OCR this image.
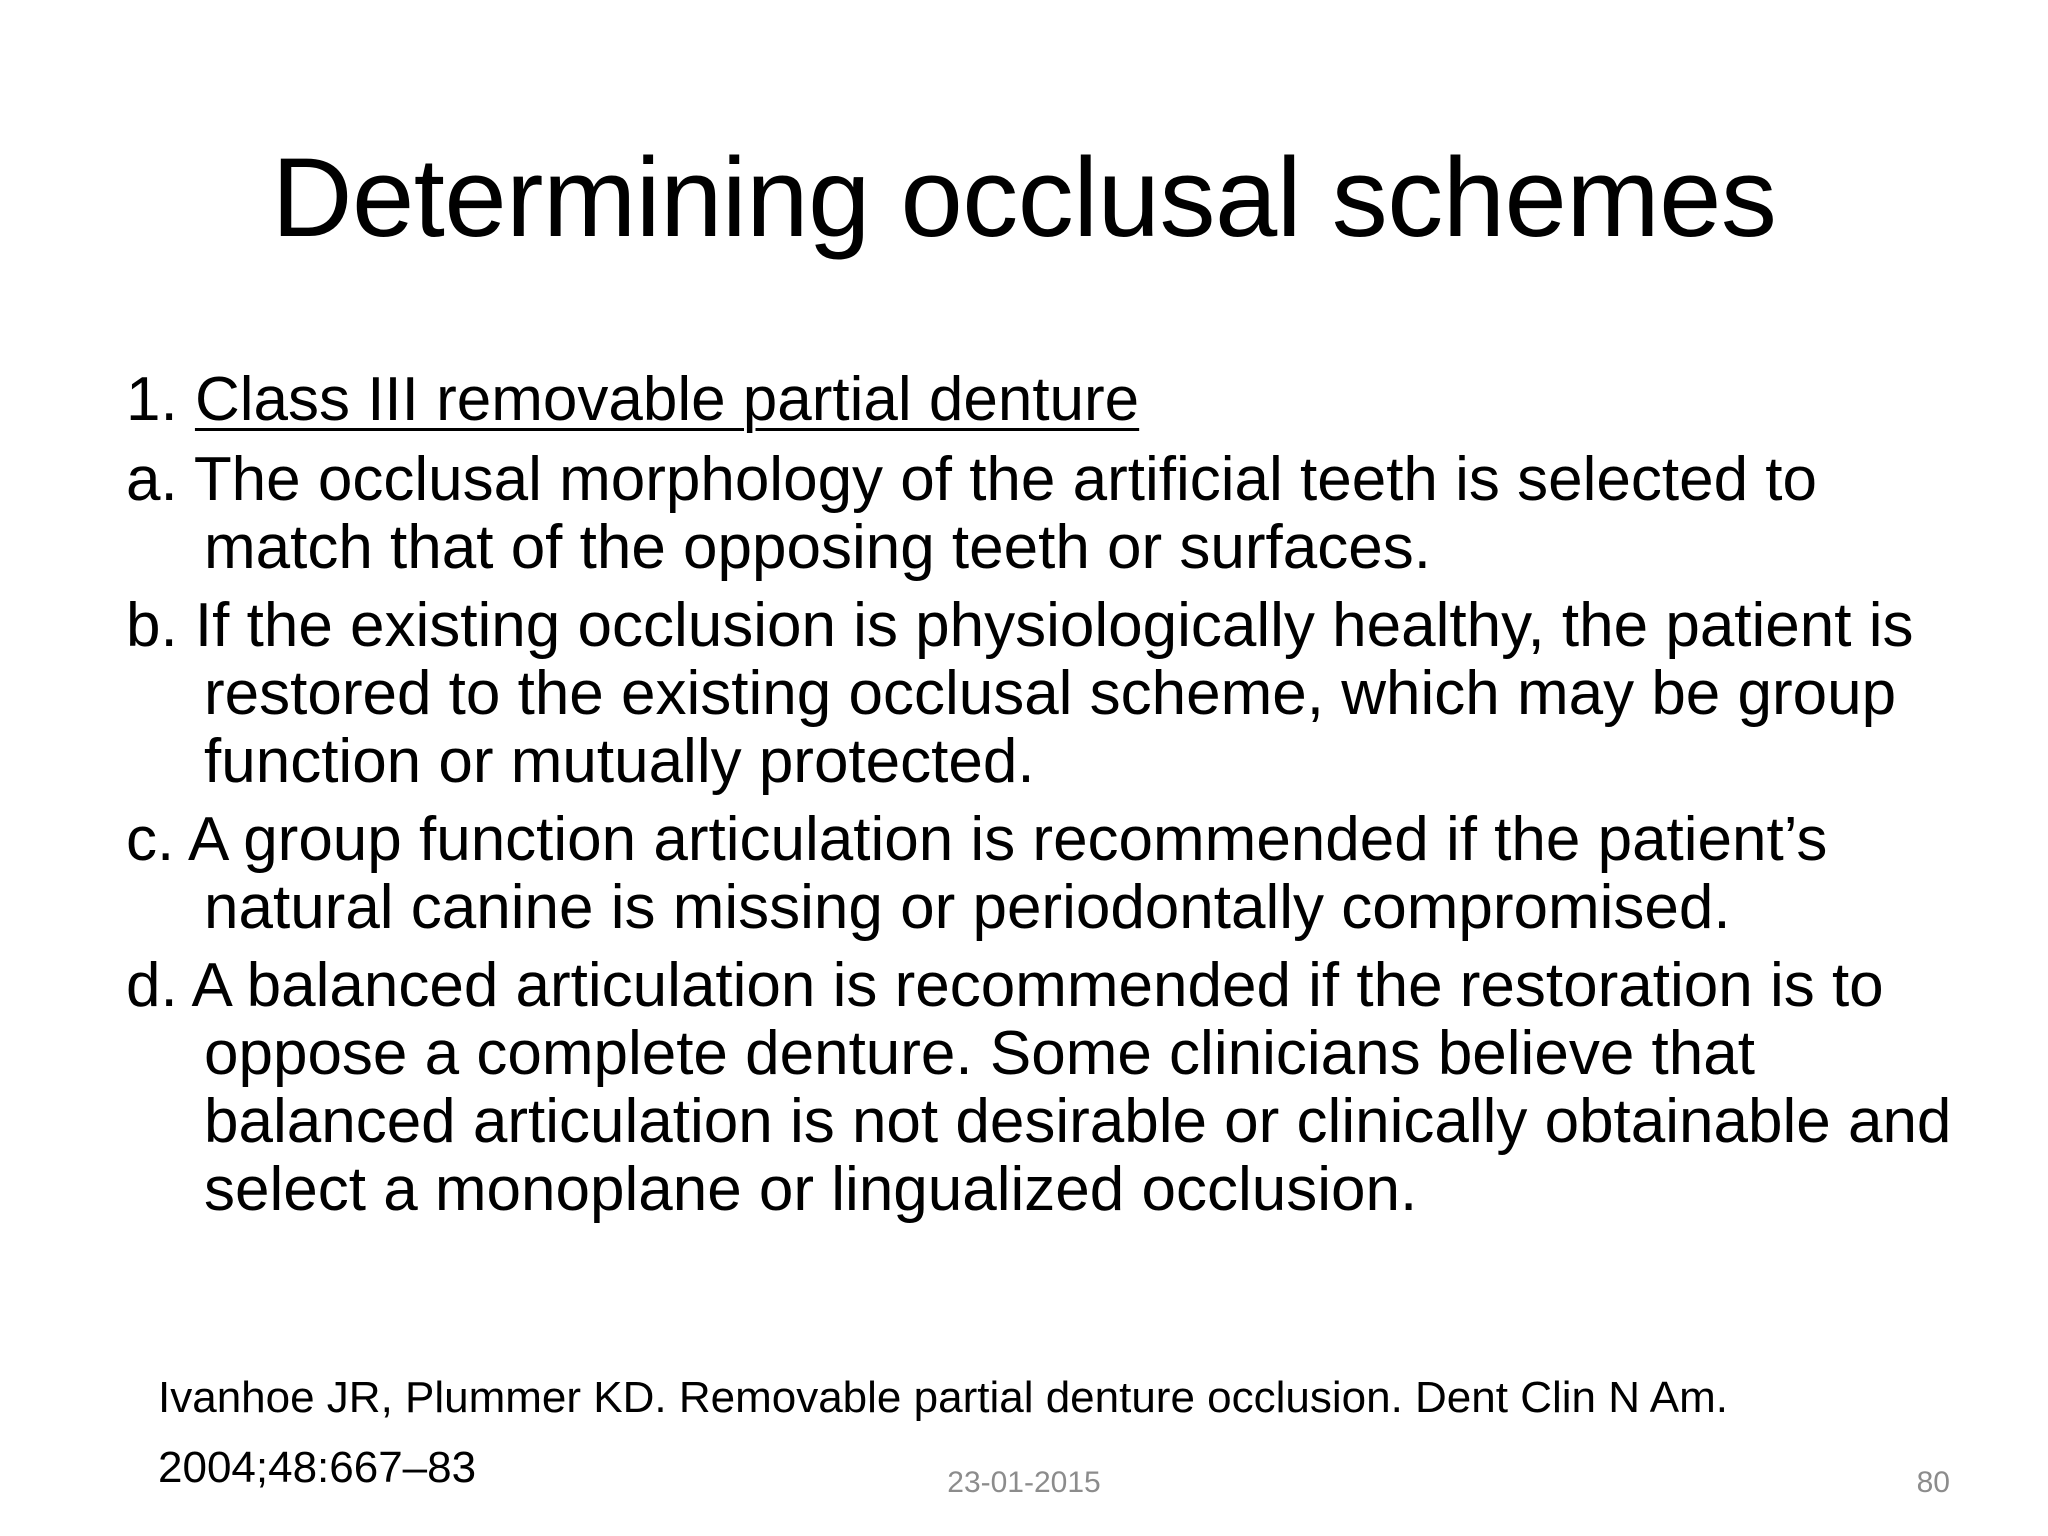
Determining occlusal schemes

1. Class III removable partial denture

a. The occlusal morphology of the artificial teeth is selected to match that of the opposing teeth or surfaces.

b. If the existing occlusion is physiologically healthy, the patient is restored to the existing occlusal scheme, which may be group function or mutually protected.

c. A group function articulation is recommended if the patient’s natural canine is missing or periodontally compromised.

d. A balanced articulation is recommended if the restoration is to oppose a complete denture. Some clinicians believe that balanced articulation is not desirable or clinically obtainable and select a monoplane or lingualized occlusion.

Ivanhoe JR, Plummer KD. Removable partial denture occlusion. Dent Clin N Am.
2004;48:667–83	23-01-2015	80
